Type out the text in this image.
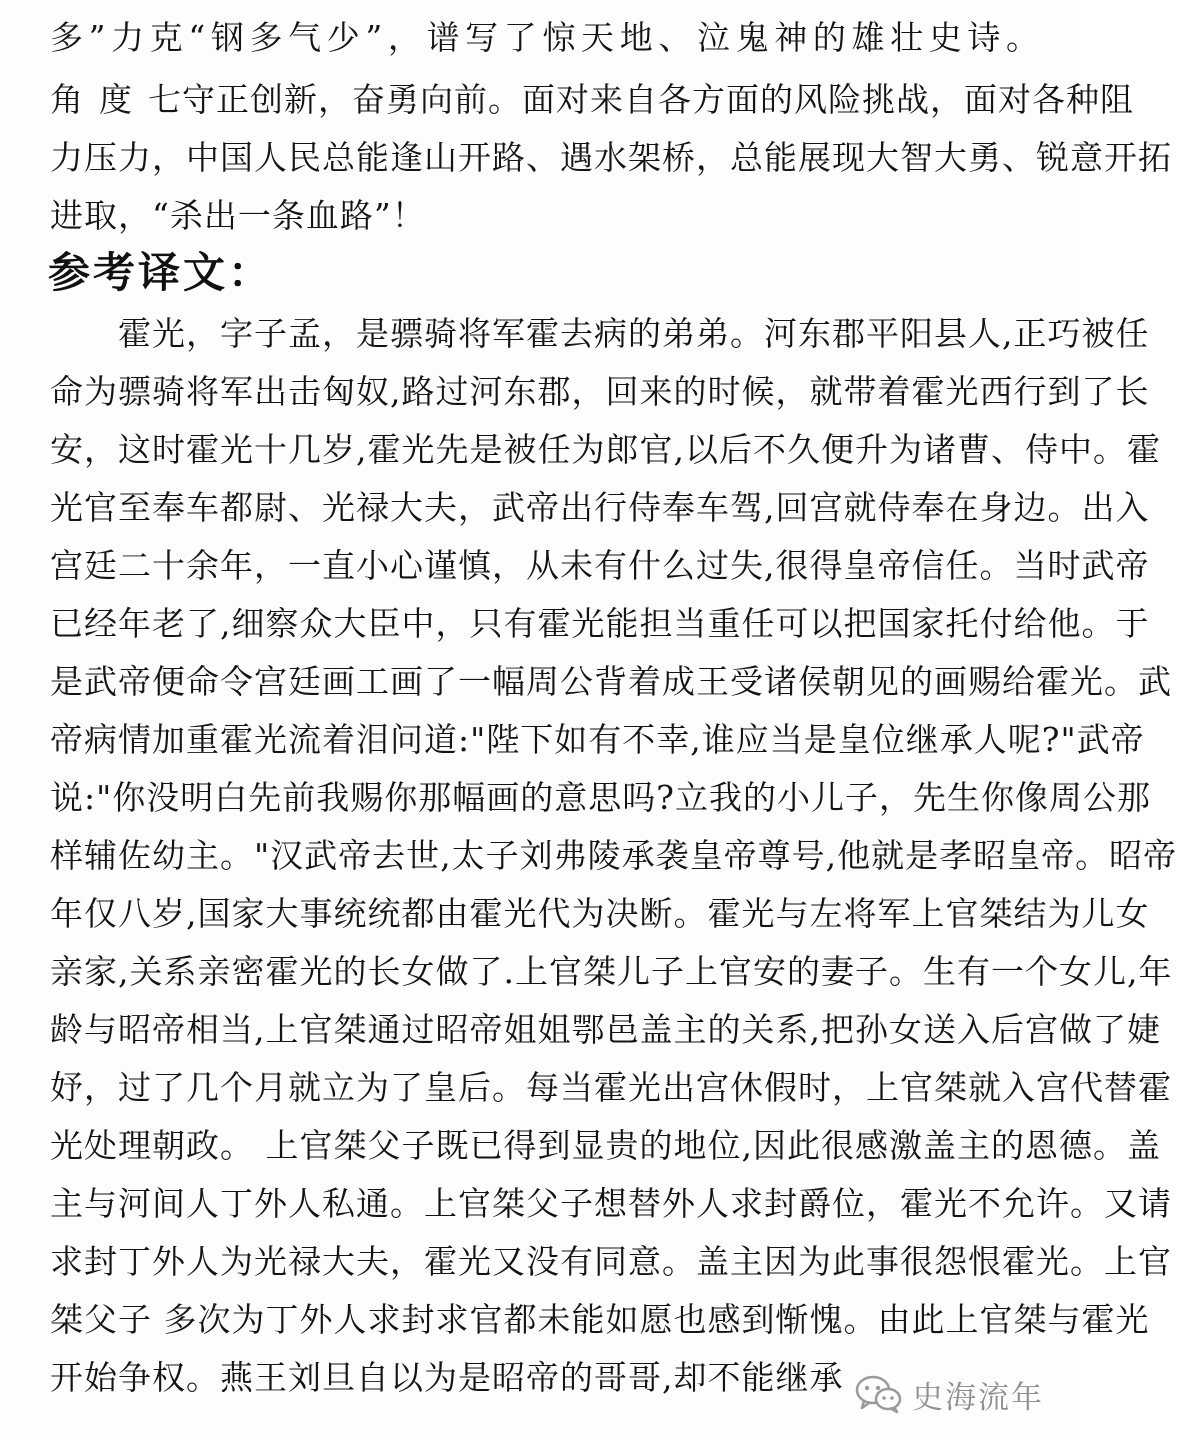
多”力克“钢多气少”，谱写了惊天地、泣鬼神的雄壮史诗。
角度七守正创新，奋勇向前。面对来自各方面的风险挑战，面对各种阻
力压力，中国人民总能逢山开路、遇水架桥，总能展现大智大勇、锐意开拓
进取，“杀出一条血路”！
参考译文：
　　霍光，字子孟，是骠骑将军霍去病的弟弟。河东郡平阳县人,正巧被任
命为骠骑将军出击匈奴,路过河东郡，回来的时候，就带着霍光西行到了长
安，这时霍光十几岁,霍光先是被任为郎官,以后不久便升为诸曹、侍中。霍
光官至奉车都尉、光禄大夫，武帝出行侍奉车驾,回宫就侍奉在身边。出入
宫廷二十余年，一直小心谨慎，从未有什么过失,很得皇帝信任。当时武帝
已经年老了,细察众大臣中，只有霍光能担当重任可以把国家托付给他。于
是武帝便命令宫廷画工画了一幅周公背着成王受诸侯朝见的画赐给霍光。武
帝病情加重霍光流着泪问道:"陛下如有不幸,谁应当是皇位继承人呢?"武帝
说:"你没明白先前我赐你那幅画的意思吗?立我的小儿子，先生你像周公那
样辅佐幼主。"汉武帝去世,太子刘弗陵承袭皇帝尊号,他就是孝昭皇帝。昭帝
年仅八岁,国家大事统统都由霍光代为决断。霍光与左将军上官桀结为儿女
亲家,关系亲密霍光的长女做了.上官桀儿子上官安的妻子。生有一个女儿,年
龄与昭帝相当,上官桀通过昭帝姐姐鄂邑盖主的关系,把孙女送入后宫做了婕
妤，过了几个月就立为了皇后。每当霍光出宫休假时，上官桀就入宫代替霍
光处理朝政。 上官桀父子既已得到显贵的地位,因此很感激盖主的恩德。盖
主与河间人丁外人私通。上官桀父子想替外人求封爵位，霍光不允许。又请
求封丁外人为光禄大夫，霍光又没有同意。盖主因为此事很怨恨霍光。上官
桀父子 多次为丁外人求封求官都未能如愿也感到惭愧。由此上官桀与霍光
开始争权。燕王刘旦自以为是昭帝的哥哥,却不能继承
史海流年
